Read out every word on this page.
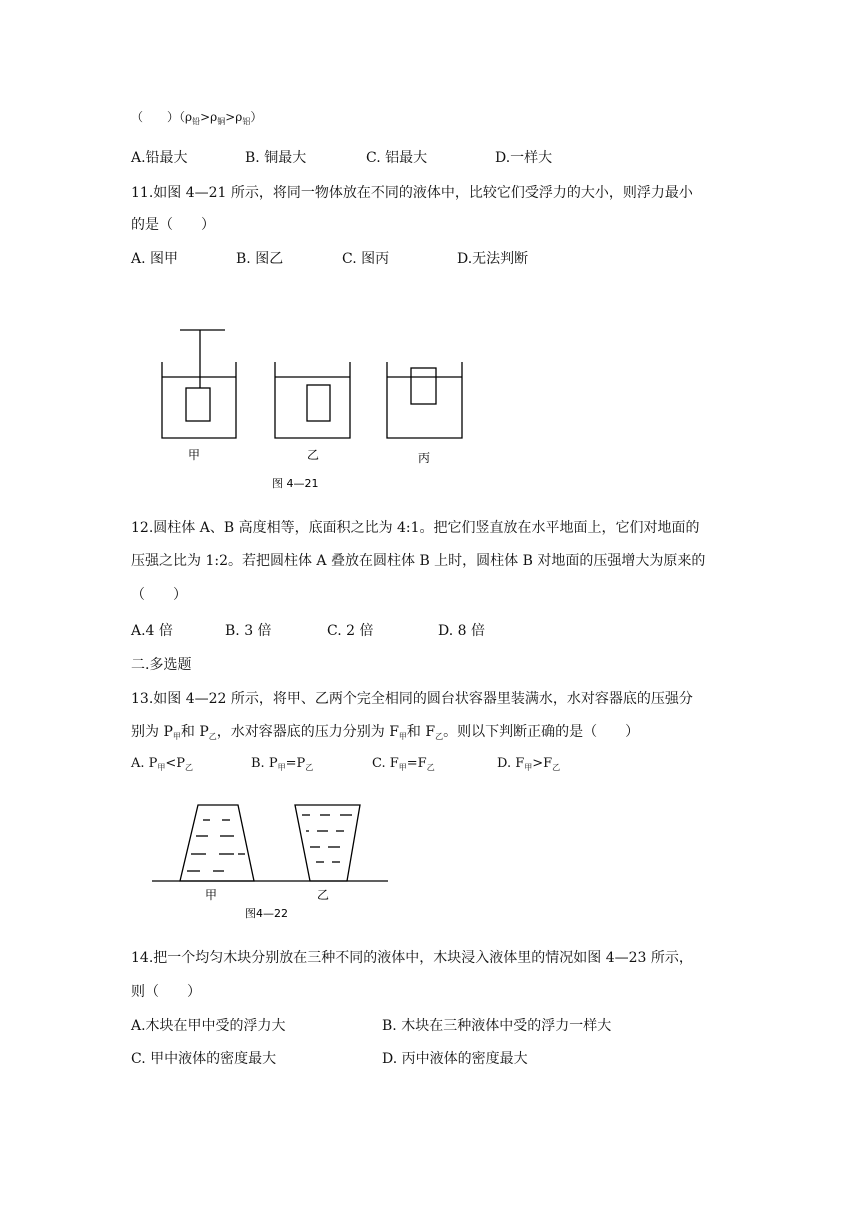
（　　）$(\rho_铅>\rho_铜>\rho_铝)$
A.铅最大	B. 铜最大	C. 铝最大	D.一样大
11.如图 4—21 所示，将同一物体放在不同的液体中，比较它们受浮力的大小，则浮力最小
的是（　　）
A. 图甲	B. 图乙	C. 图丙	D.无法判断
甲	乙	丙
图 4—21
12.圆柱体 A、B 高度相等，底面积之比为 4:1。把它们竖直放在水平地面上，它们对地面的
压强之比为 1:2。若把圆柱体 A 叠放在圆柱体 B 上时，圆柱体 B 对地面的压强增大为原来的
（　　）
A.4 倍	B. 3 倍	C. 2 倍	D. 8 倍
二.多选题
13.如图 4—22 所示，将甲、乙两个完全相同的圆台状容器里装满水，水对容器底的压强分
别为 $P_甲$和 $P_乙$，水对容器底的压力分别为 $F_甲$和 $F_乙$。则以下判断正确的是（　　）
A. $P_甲<P_乙$	B. $P_甲=P_乙$	C. $F_甲=F_乙$	D. $F_甲>F_乙$
甲	乙
图4—22
14.把一个均匀木块分别放在三种不同的液体中，木块浸入液体里的情况如图 4—23 所示，
则（　　）
A.木块在甲中受的浮力大	B. 木块在三种液体中受的浮力一样大
C. 甲中液体的密度最大	D. 丙中液体的密度最大
